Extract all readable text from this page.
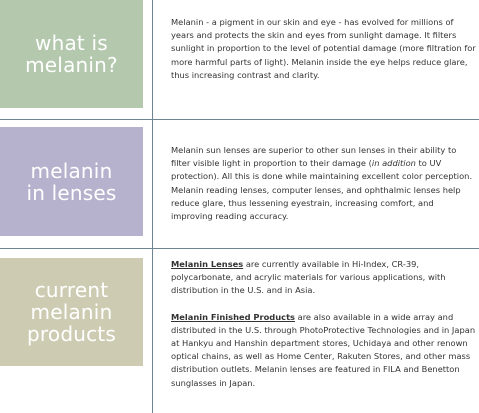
what is
melanin?

Melanin - a pigment in our skin and eye - has evolved for millions of years and protects the skin and eyes from sunlight damage. It filters sunlight in proportion to the level of potential damage (more filtration for more harmful parts of light). Melanin inside the eye helps reduce glare, thus increasing contrast and clarity.

melanin
in lenses

Melanin sun lenses are superior to other sun lenses in their ability to filter visible light in proportion to their damage (in addition to UV protection). All this is done while maintaining excellent color perception. Melanin reading lenses, computer lenses, and ophthalmic lenses help reduce glare, thus lessening eyestrain, increasing comfort, and improving reading accuracy.

current
melanin
products

Melanin Lenses are currently available in Hi-Index, CR-39, polycarbonate, and acrylic materials for various applications, with distribution in the U.S. and in Asia.

Melanin Finished Products are also available in a wide array and distributed in the U.S. through PhotoProtective Technologies and in Japan at Hankyu and Hanshin department stores, Uchidaya and other renown optical chains, as well as Home Center, Rakuten Stores, and other mass distribution outlets. Melanin lenses are featured in FILA and Benetton sunglasses in Japan.
